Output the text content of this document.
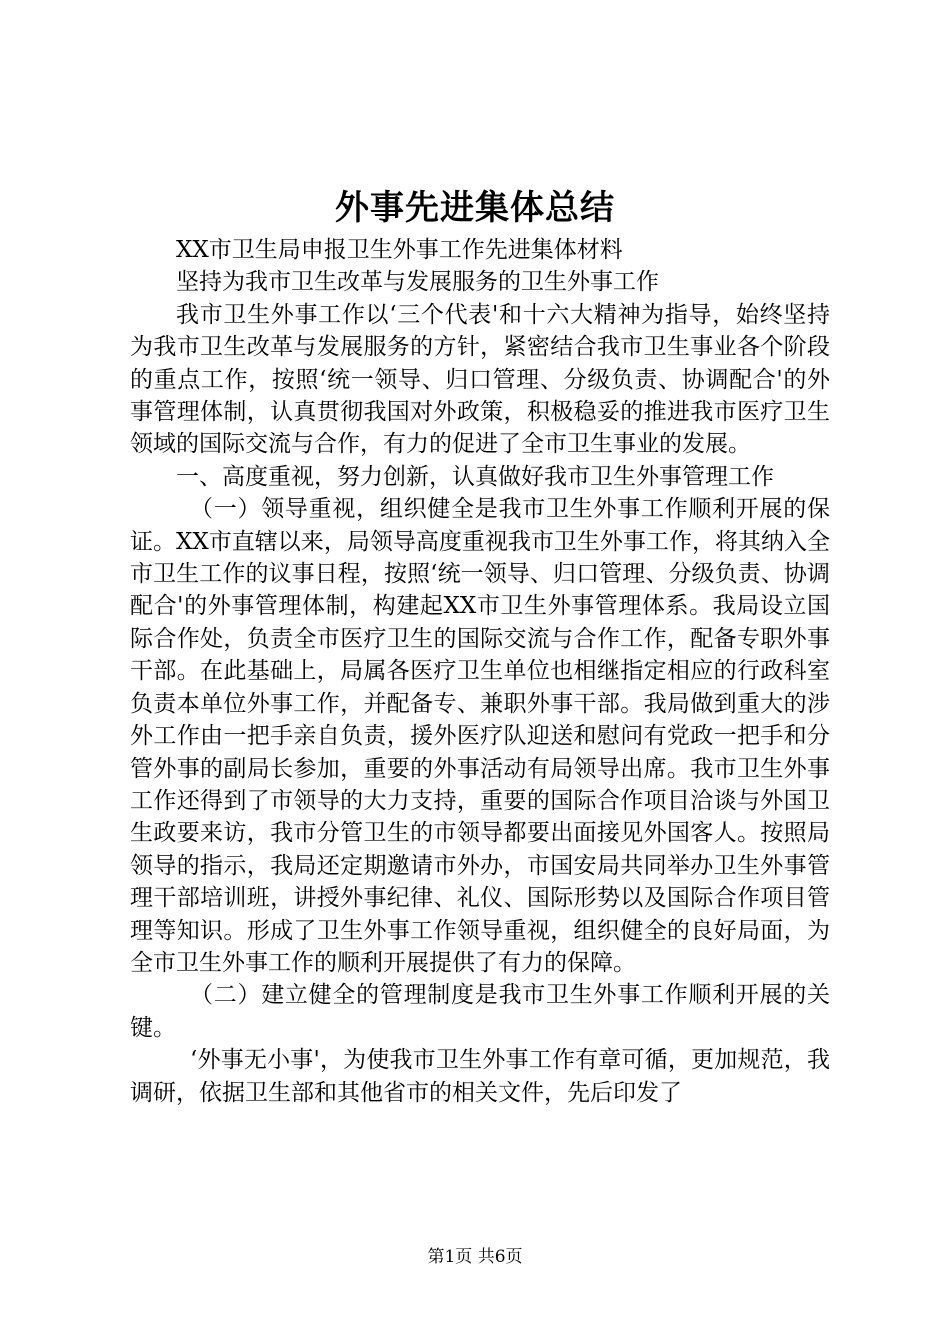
外事先进集体总结

XX市卫生局申报卫生外事工作先进集体材料

坚持为我市卫生改革与发展服务的卫生外事工作

我市卫生外事工作以‘三个代表'和十六大精神为指导，始终坚持为我市卫生改革与发展服务的方针，紧密结合我市卫生事业各个阶段的重点工作，按照‘统一领导、归口管理、分级负责、协调配合'的外事管理体制，认真贯彻我国对外政策，积极稳妥的推进我市医疗卫生领域的国际交流与合作，有力的促进了全市卫生事业的发展。

一、高度重视，努力创新，认真做好我市卫生外事管理工作

（一）领导重视，组织健全是我市卫生外事工作顺利开展的保证。XX市直辖以来，局领导高度重视我市卫生外事工作，将其纳入全市卫生工作的议事日程，按照‘统一领导、归口管理、分级负责、协调配合'的外事管理体制，构建起XX市卫生外事管理体系。我局设立国际合作处，负责全市医疗卫生的国际交流与合作工作，配备专职外事干部。在此基础上，局属各医疗卫生单位也相继指定相应的行政科室负责本单位外事工作，并配备专、兼职外事干部。我局做到重大的涉外工作由一把手亲自负责，援外医疗队迎送和慰问有党政一把手和分管外事的副局长参加，重要的外事活动有局领导出席。我市卫生外事工作还得到了市领导的大力支持，重要的国际合作项目洽谈与外国卫生政要来访，我市分管卫生的市领导都要出面接见外国客人。按照局领导的指示，我局还定期邀请市外办，市国安局共同举办卫生外事管理干部培训班，讲授外事纪律、礼仪、国际形势以及国际合作项目管理等知识。形成了卫生外事工作领导重视，组织健全的良好局面，为全市卫生外事工作的顺利开展提供了有力的保障。

（二）建立健全的管理制度是我市卫生外事工作顺利开展的关键。

‘外事无小事'，为使我市卫生外事工作有章可循，更加规范，我调研，依据卫生部和其他省市的相关文件，先后印发了

第1页 共6页
